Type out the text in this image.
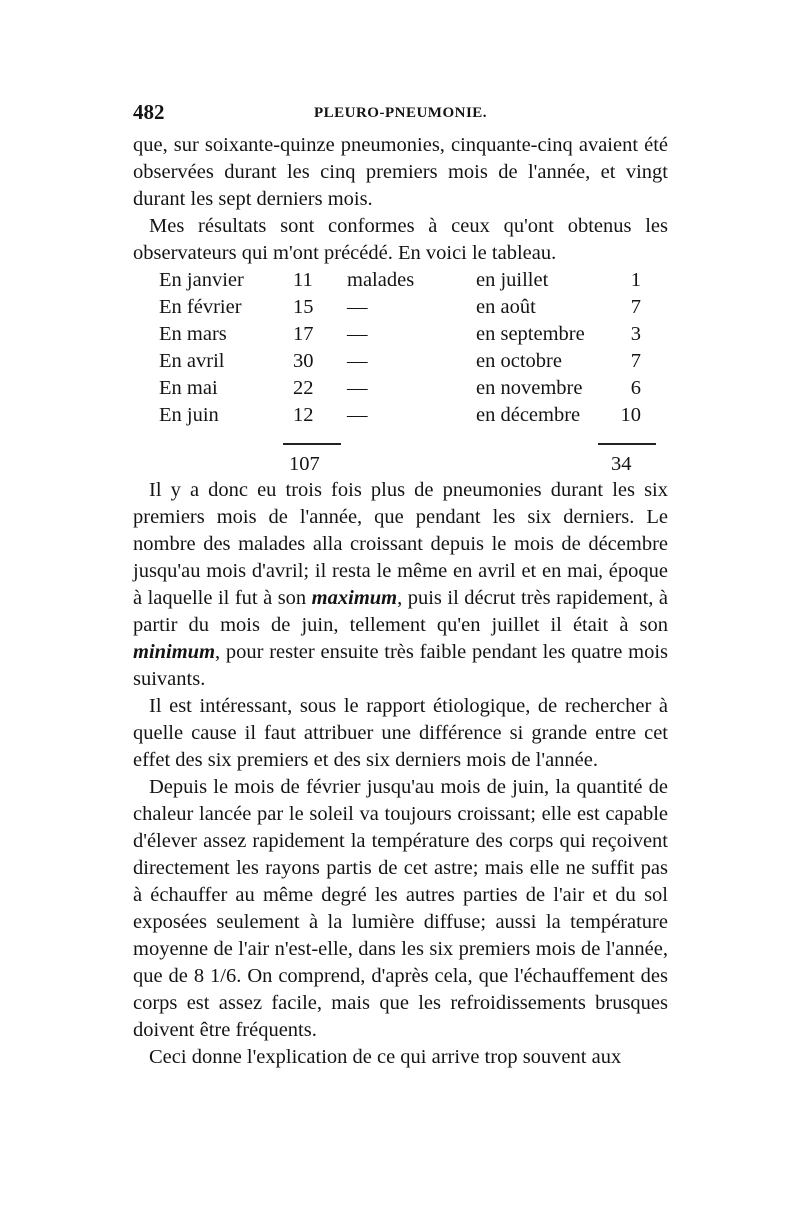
482	PLEURO-PNEUMONIE.

que, sur soixante-quinze pneumonies, cinquante-cinq avaient été observées durant les cinq premiers mois de l'année, et vingt durant les sept derniers mois.

Mes résultats sont conformes à ceux qu'ont obtenus les observateurs qui m'ont précédé. En voici le tableau.

En janvier 11 malades	en juillet	1
En février	15 —	en août	7
En mars	17 —	en septembre	3
En avril	30 —	en octobre	7
En mai	22 —	en novembre	6
En juin	12 —	en décembre	10
107	34

Il y a donc eu trois fois plus de pneumonies durant les six premiers mois de l'année, que pendant les six derniers. Le nombre des malades alla croissant depuis le mois de décembre jusqu'au mois d'avril; il resta le même en avril et en mai, époque à laquelle il fut à son maximum, puis il décrut très rapidement, à partir du mois de juin, tellement qu'en juillet il était à son minimum, pour rester ensuite très faible pendant les quatre mois suivants.

Il est intéressant, sous le rapport étiologique, de rechercher à quelle cause il faut attribuer une différence si grande entre cet effet des six premiers et des six derniers mois de l'année.

Depuis le mois de février jusqu'au mois de juin, la quantité de chaleur lancée par le soleil va toujours croissant; elle est capable d'élever assez rapidement la température des corps qui reçoivent directement les rayons partis de cet astre; mais elle ne suffit pas à échauffer au même degré les autres parties de l'air et du sol exposées seulement à la lumière diffuse; aussi la température moyenne de l'air n'est-elle, dans les six premiers mois de l'année, que de 8 1/6. On comprend, d'après cela, que l'échauffement des corps est assez facile, mais que les refroidissements brusques doivent être fréquents.

Ceci donne l'explication de ce qui arrive trop souvent aux
